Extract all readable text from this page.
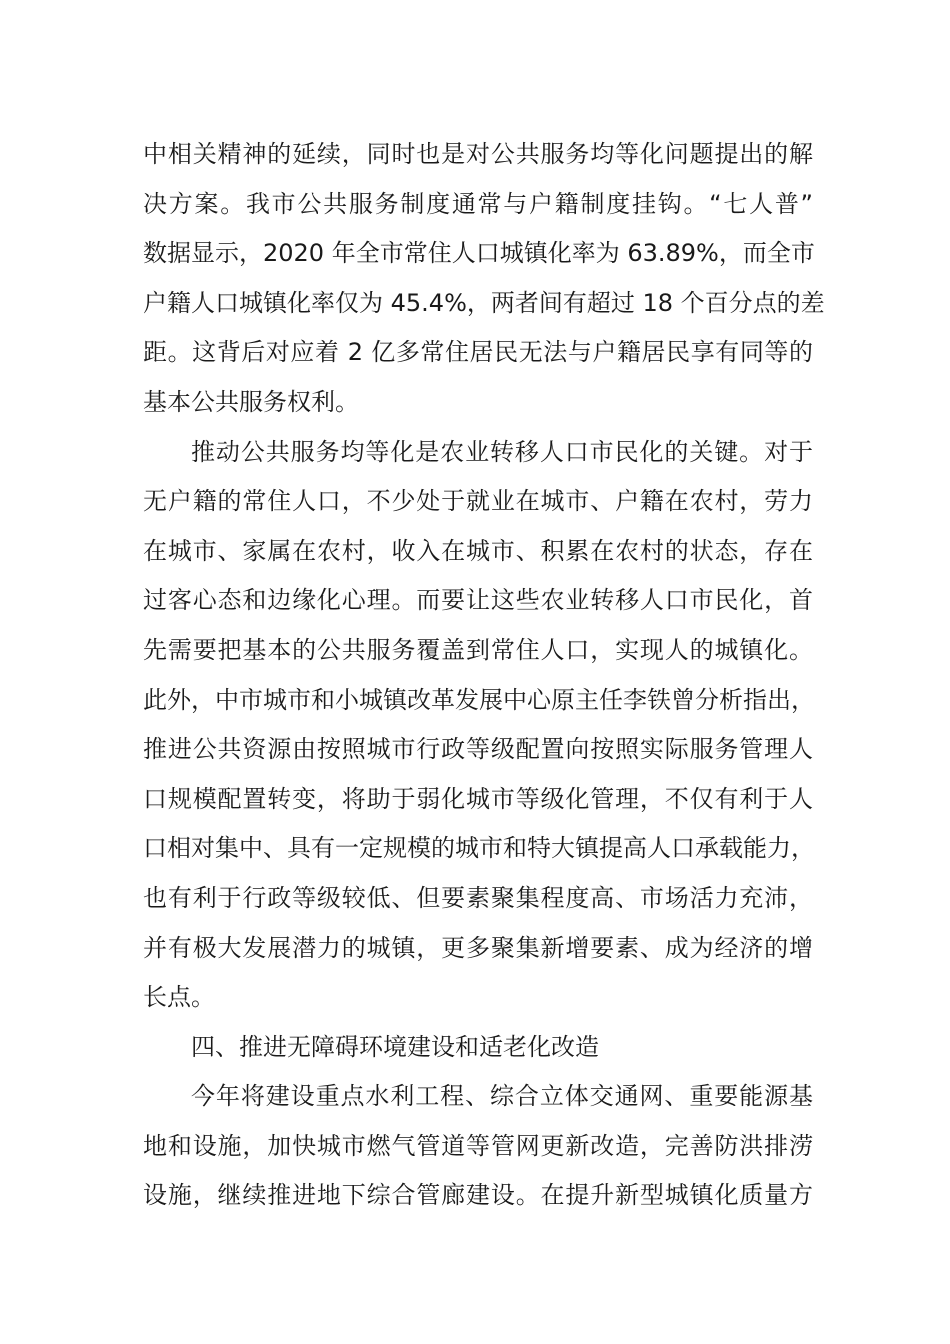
中相关精神的延续，同时也是对公共服务均等化问题提出的解
决方案。我市公共服务制度通常与户籍制度挂钩。“七人普”
数据显示，2020 年全市常住人口城镇化率为 63.89%，而全市
户籍人口城镇化率仅为 45.4%，两者间有超过 18 个百分点的差
距。这背后对应着 2 亿多常住居民无法与户籍居民享有同等的
基本公共服务权利。
推动公共服务均等化是农业转移人口市民化的关键。对于
无户籍的常住人口，不少处于就业在城市、户籍在农村，劳力
在城市、家属在农村，收入在城市、积累在农村的状态，存在
过客心态和边缘化心理。而要让这些农业转移人口市民化，首
先需要把基本的公共服务覆盖到常住人口，实现人的城镇化。
此外，中市城市和小城镇改革发展中心原主任李铁曾分析指出，
推进公共资源由按照城市行政等级配置向按照实际服务管理人
口规模配置转变，将助于弱化城市等级化管理，不仅有利于人
口相对集中、具有一定规模的城市和特大镇提高人口承载能力，
也有利于行政等级较低、但要素聚集程度高、市场活力充沛，
并有极大发展潜力的城镇，更多聚集新增要素、成为经济的增
长点。
四、推进无障碍环境建设和适老化改造
今年将建设重点水利工程、综合立体交通网、重要能源基
地和设施，加快城市燃气管道等管网更新改造，完善防洪排涝
设施，继续推进地下综合管廊建设。在提升新型城镇化质量方
